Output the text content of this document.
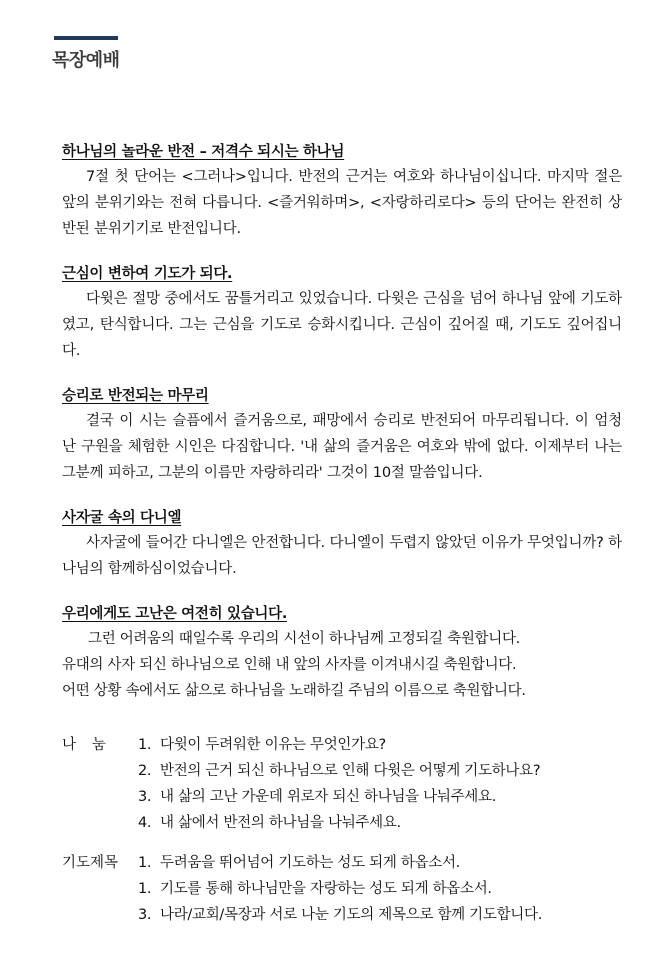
목장예배
하나님의 놀라운 반전 – 저격수 되시는 하나님

7절 첫 단어는 <그러나>입니다. 반전의 근거는 여호와 하나님이십니다. 마지막 절은 앞의 분위기와는 전혀 다릅니다. <즐거워하며>, <자랑하리로다> 등의 단어는 완전히 상반된 분위기기로 반전입니다.

근심이 변하여 기도가 되다.

다윗은 절망 중에서도 꿈틀거리고 있었습니다. 다윗은 근심을 넘어 하나님 앞에 기도하였고, 탄식합니다. 그는 근심을 기도로 승화시킵니다. 근심이 깊어질 때, 기도도 깊어집니다.

승리로 반전되는 마무리

결국 이 시는 슬픔에서 즐거움으로, 패망에서 승리로 반전되어 마무리됩니다. 이 엄청난 구원을 체험한 시인은 다짐합니다. '내 삶의 즐거움은 여호와 밖에 없다. 이제부터 나는 그분께 피하고, 그분의 이름만 자랑하리라' 그것이 10절 말씀입니다.

사자굴 속의 다니엘

사자굴에 들어간 다니엘은 안전합니다. 다니엘이 두렵지 않았던 이유가 무엇입니까? 하나님의 함께하심이었습니다.

우리에게도 고난은 여전히 있습니다.
그런 어려움의 때일수록 우리의 시선이 하나님께 고정되길 축원합니다.
유대의 사자 되신 하나님으로 인해 내 앞의 사자를 이겨내시길 축원합니다.
어떤 상황 속에서도 삶으로 하나님을 노래하길 주님의 이름으로 축원합니다.
나눔	1. 다윗이 두려워한 이유는 무엇인가요?
2. 반전의 근거 되신 하나님으로 인해 다윗은 어떻게 기도하나요?
3. 내 삶의 고난 가운데 위로자 되신 하나님을 나눠주세요.
4. 내 삶에서 반전의 하나님을 나눠주세요.
기도제목	1. 두려움을 뛰어넘어 기도하는 성도 되게 하옵소서.
1. 기도를 통해 하나님만을 자랑하는 성도 되게 하옵소서.
3. 나라/교회/목장과 서로 나눈 기도의 제목으로 함께 기도합니다.
